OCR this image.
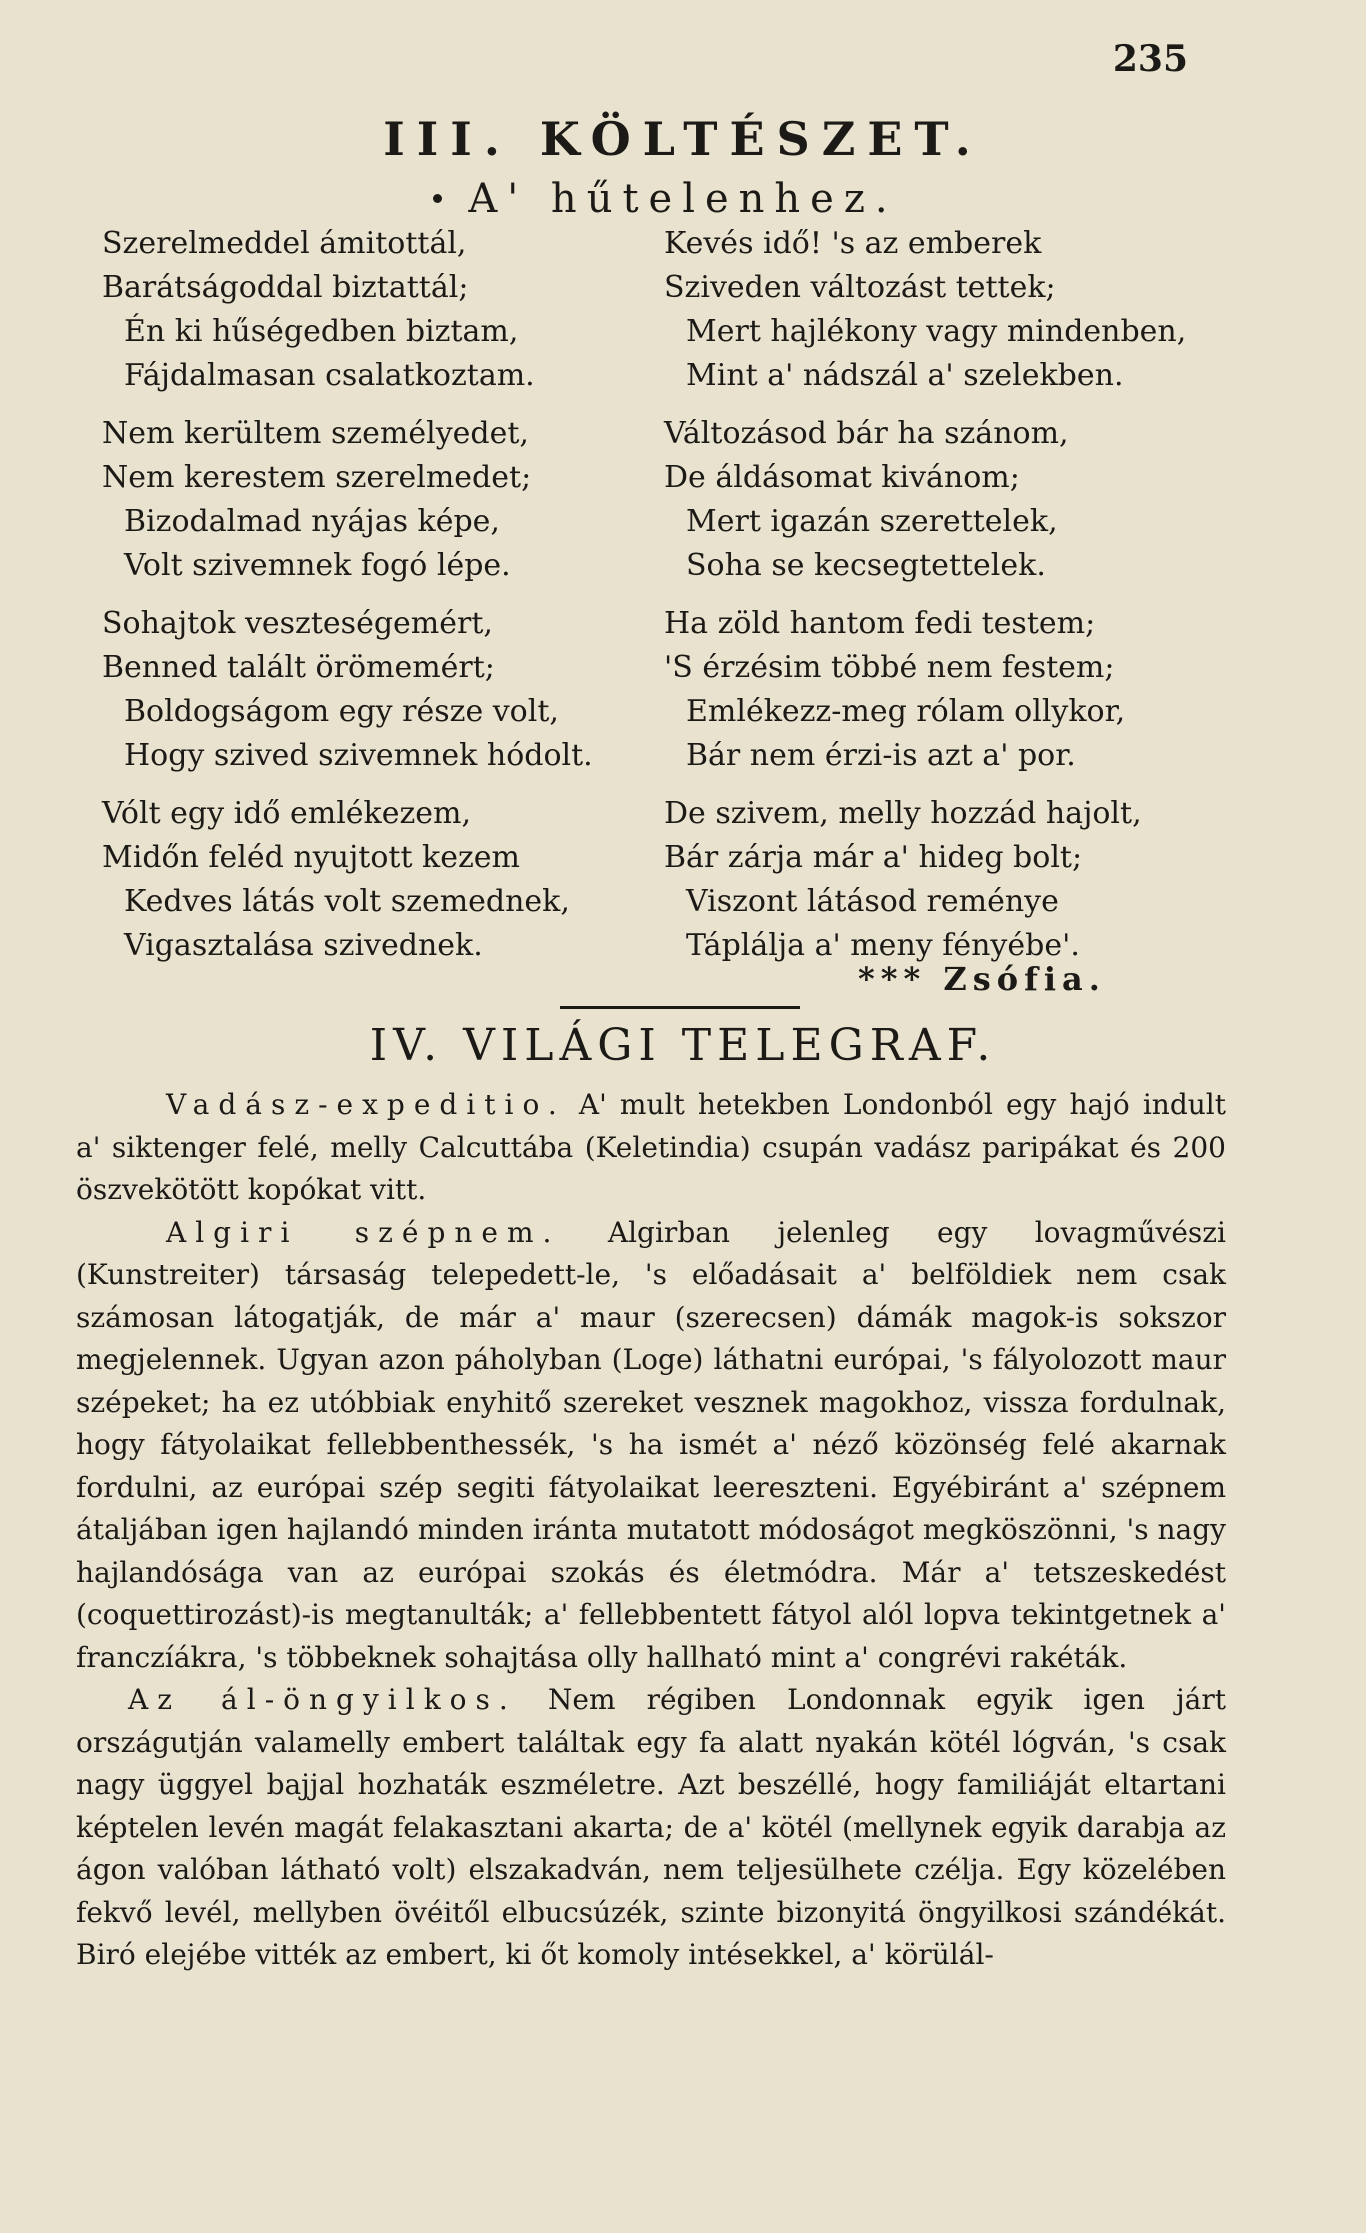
235
III. KÖLTÉSZET.
A' hűtelenhez.
Szerelmeddel ámitottál,
Barátságoddal biztattál;
Én ki hűségedben biztam,
Fájdalmasan csalatkoztam.
Nem kerültem személyedet,
Nem kerestem szerelmedet;
Bizodalmad nyájas képe,
Volt szivemnek fogó lépe.
Sohajtok veszteségemért,
Benned talált örömemért;
Boldogságom egy része volt,
Hogy szived szivemnek hódolt.
Vólt egy idő emlékezem,
Midőn feléd nyujtott kezem
Kedves látás volt szemednek,
Vigasztalása szivednek.
Kevés idő! 's az emberek
Sziveden változást tettek;
Mert hajlékony vagy mindenben,
Mint a' nádszál a' szelekben.
Változásod bár ha szánom,
De áldásomat kivánom;
Mert igazán szerettelek,
Soha se kecsegtettelek.
Ha zöld hantom fedi testem;
'S érzésim többé nem festem;
Emlékezz-meg rólam ollykor,
Bár nem érzi-is azt a' por.
De szivem, melly hozzád hajolt,
Bár zárja már a' hideg bolt;
Viszont látásod reménye
Táplálja a' meny fényébe'.
*** Zsófia.
IV. VILÁGI TELEGRAF.

Vadász-expeditio. A' mult hetekben Londonból egy hajó indult a' siktenger felé, melly Calcuttába (Keletindia) csupán vadász paripákat és 200 öszvekötött kopókat vitt.

Algiri szépnem. Algirban jelenleg egy lovagművészi (Kunstreiter) társaság telepedett-le, 's előadásait a' belföldiek nem csak számosan látogatják, de már a' maur (szerecsen) dámák magok-is sokszor megjelennek. Ugyan azon páholyban (Loge) láthatni európai, 's fályolozott maur szépeket; ha ez utóbbiak enyhitő szereket vesznek magokhoz, vissza fordulnak, hogy fátyolaikat fellebbenthessék, 's ha ismét a' néző közönség felé akarnak fordulni, az európai szép segiti fátyolaikat leereszteni. Egyébiránt a' szépnem átaljában igen hajlandó minden iránta mutatott módoságot megköszönni, 's nagy hajlandósága van az európai szokás és életmódra. Már a' tetszeskedést (coquettirozást)-is megtanulták; a' fellebbentett fátyol alól lopva tekintgetnek a' franczíákra, 's többeknek sohajtása olly hallható mint a' congrévi rakéták.

Az ál-öngyilkos. Nem régiben Londonnak egyik igen járt országutján valamelly embert találtak egy fa alatt nyakán kötél lógván, 's csak nagy üggyel bajjal hozhaták eszméletre. Azt beszéllé, hogy familiáját eltartani képtelen levén magát felakasztani akarta; de a' kötél (mellynek egyik darabja az ágon valóban látható volt) elszakadván, nem teljesülhete czélja. Egy közelében fekvő levél, mellyben övéitől elbucsúzék, szinte bizonyitá öngyilkosi szándékát. Biró elejébe vitték az embert, ki őt komoly intésekkel, a' körülál-
